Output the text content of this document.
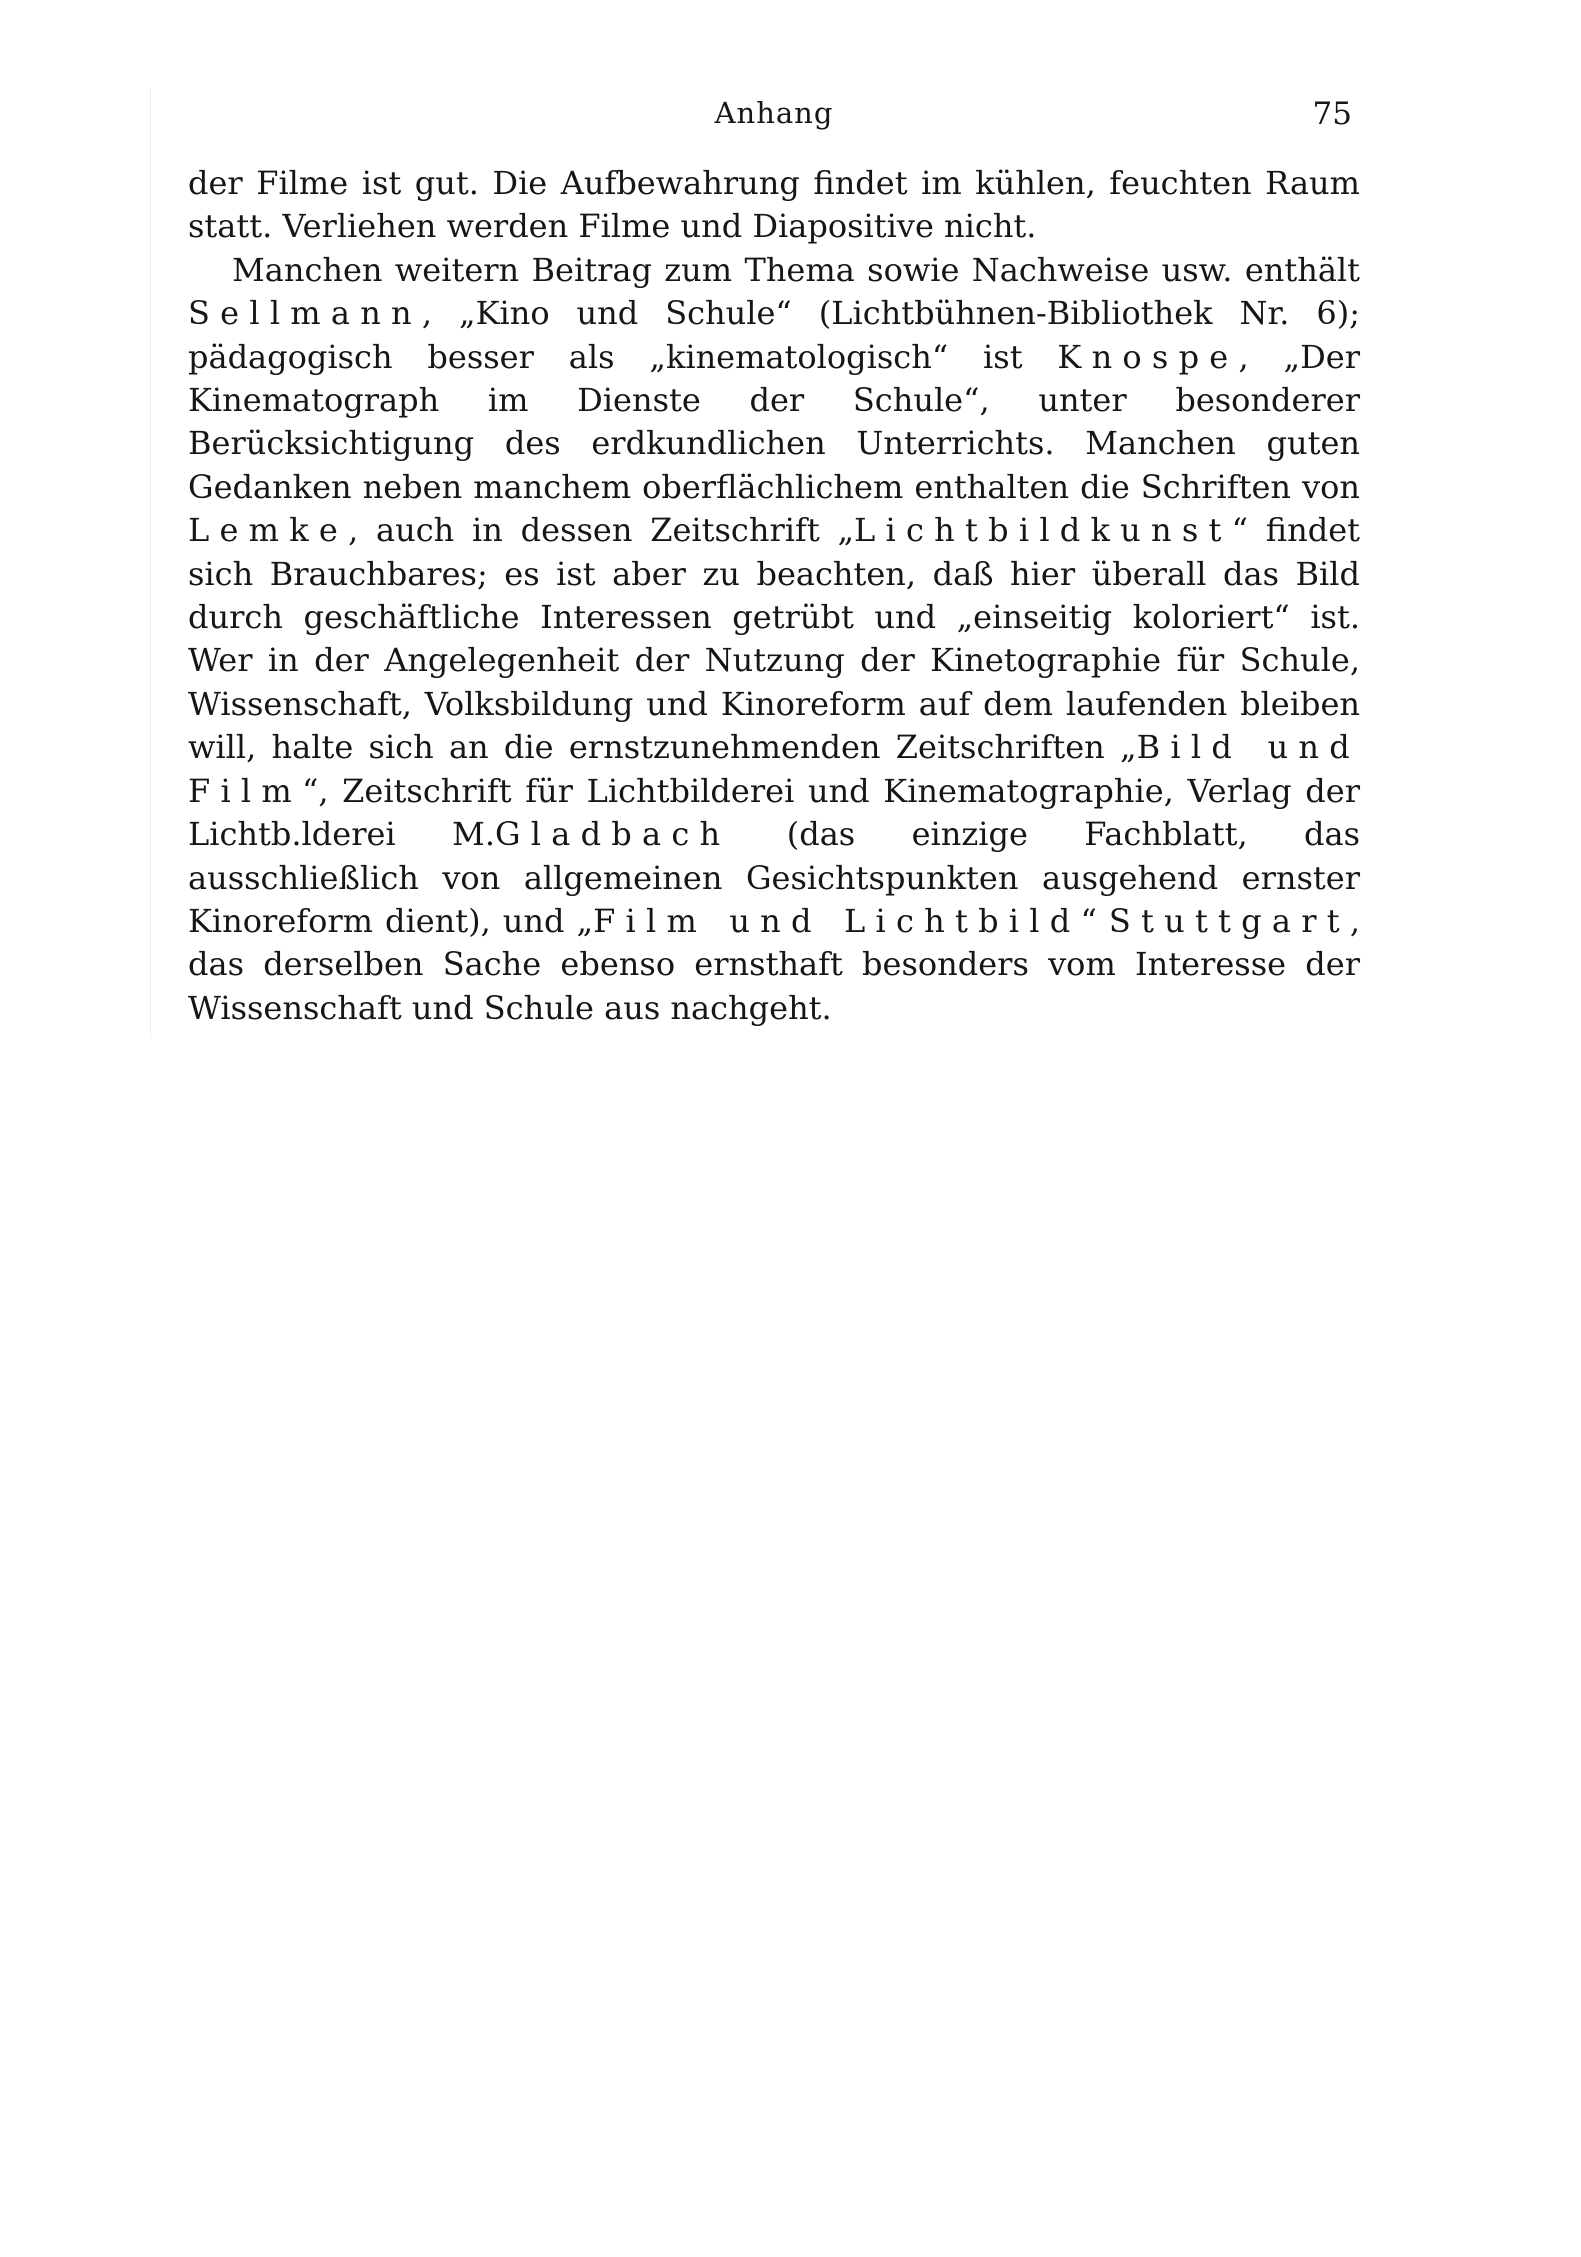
Anhang	75

der Filme ist gut. Die Aufbewahrung findet im kühlen, feuchten Raum statt. Verliehen werden Filme und Diapositive nicht.

Manchen weitern Beitrag zum Thema sowie Nachweise usw. enthält Sellmann, „Kino und Schule“ (Lichtbühnen-Bibliothek Nr. 6); pädagogisch besser als „kinematologisch“ ist Knospe, „Der Kinematograph im Dienste der Schule“, unter besonderer Berücksichtigung des erdkundlichen Unterrichts. Manchen guten Gedanken neben manchem oberflächlichem enthalten die Schriften von Lemke, auch in dessen Zeitschrift „Lichtbildkunst“ findet sich Brauchbares; es ist aber zu beachten, daß hier überall das Bild durch geschäftliche Interessen getrübt und „einseitig koloriert“ ist. Wer in der Angelegenheit der Nutzung der Kinetographie für Schule, Wissenschaft, Volksbildung und Kinoreform auf dem laufenden bleiben will, halte sich an die ernstzunehmenden Zeitschriften „Bild und Film“, Zeitschrift für Lichtbilderei und Kinematographie, Verlag der Lichtb.lderei M.Gladbach (das einzige Fachblatt, das ausschließlich von allgemeinen Gesichtspunkten ausgehend ernster Kinoreform dient), und „Film und Lichtbild“ Stuttgart, das derselben Sache ebenso ernsthaft besonders vom Interesse der Wissenschaft und Schule aus nachgeht.
